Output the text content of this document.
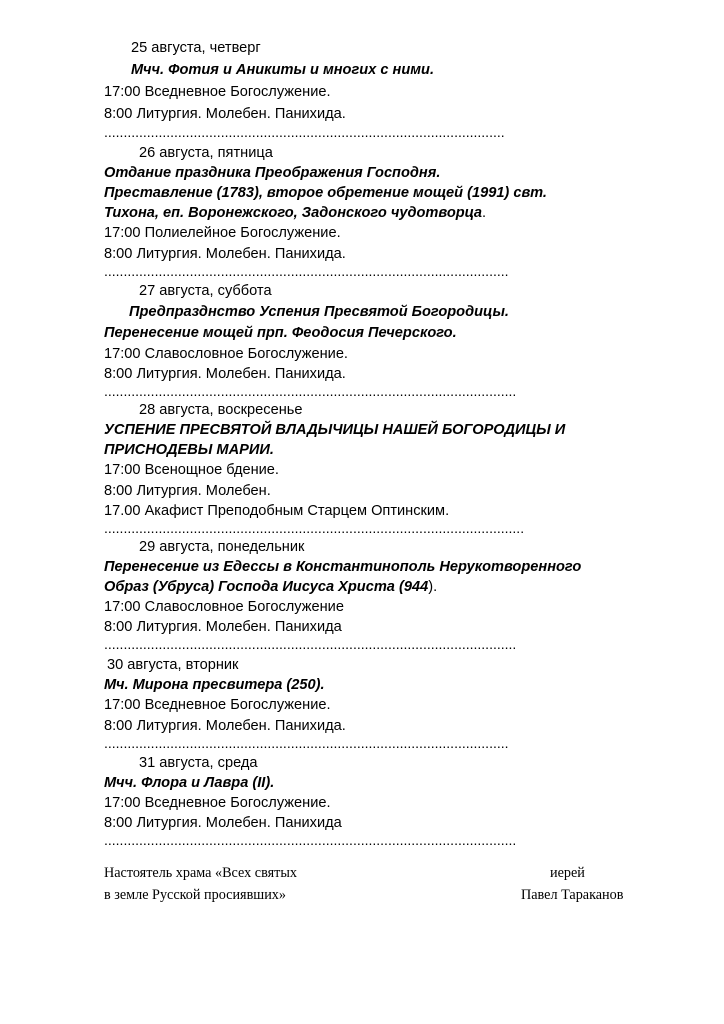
25 августа, четверг
Мчч. Фотия и Аникиты и многих с ними.
17:00 Вседневное Богослужение.
8:00 Литургия. Молебен. Панихида.
.......................................................................................................
26 августа, пятница
Отдание праздника Преображения Господня.
Преставление (1783), второе обретение мощей (1991) свт.
Тихона, еп. Воронежского, Задонского чудотворца.
17:00 Полиелейное Богослужение.
8:00 Литургия. Молебен. Панихида.
........................................................................................................
27 августа, суббота
Предпразднство Успения Пресвятой Богородицы.
Перенесение мощей прп. Феодосия Печерского.
17:00 Славословное Богослужение.
8:00 Литургия. Молебен. Панихида.
..........................................................................................................
28 августа, воскресенье
УСПЕНИЕ ПРЕСВЯТОЙ ВЛАДЫЧИЦЫ НАШЕЙ БОГОРОДИЦЫ И
ПРИСНОДЕВЫ МАРИИ.
17:00 Всенощное бдение.
8:00 Литургия. Молебен.
17.00 Акафист Преподобным Старцем Оптинским.
............................................................................................................
29 августа, понедельник
Перенесение из Едессы в Константинополь Нерукотворенного
Образ (Убруса) Господа Иисуса Христа (944).
17:00 Славословное Богослужение
8:00 Литургия. Молебен. Панихида
..........................................................................................................
30 августа, вторник
Мч. Мирона пресвитера (250).
17:00 Вседневное Богослужение.
8:00 Литургия. Молебен. Панихида.
........................................................................................................
31 августа, среда
Мчч. Флора и Лавра (II).
17:00 Вседневное Богослужение.
8:00 Литургия. Молебен. Панихида
..........................................................................................................
Настоятель храма «Всех святых
в земле Русской просиявших»
иерей
Павел Тараканов
